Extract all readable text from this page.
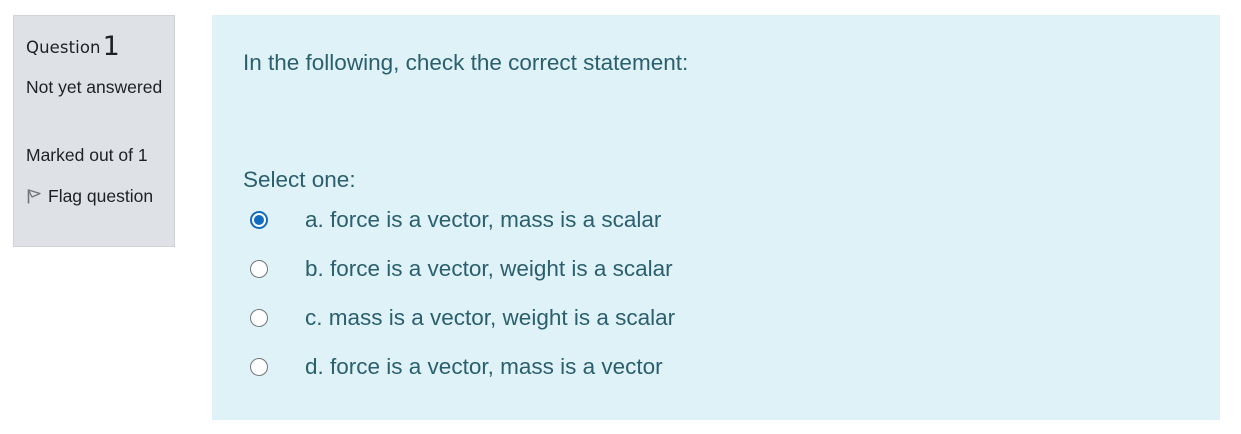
Question1
Not yet answered
Marked out of 1
Flag question
In the following, check the correct statement:
Select one:
a. force is a vector, mass is a scalar
b. force is a vector, weight is a scalar
c. mass is a vector, weight is a scalar
d. force is a vector, mass is a vector
